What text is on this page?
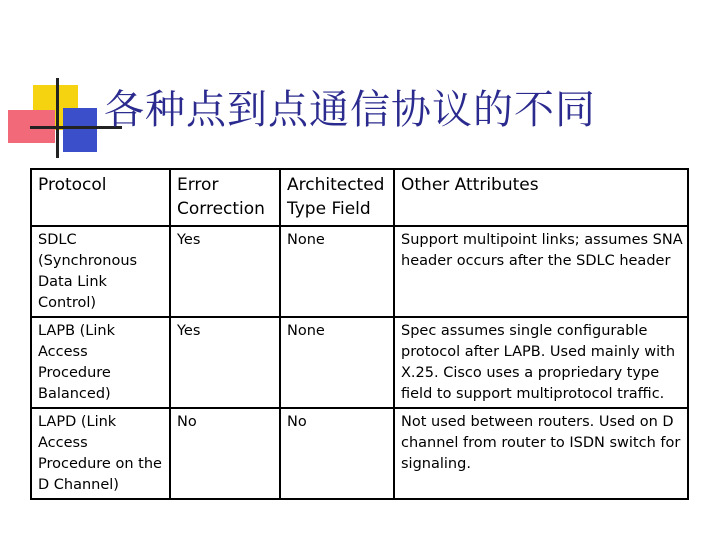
各种点到点通信协议的不同
Protocol	Error Correction	Architected Type Field	Other Attributes
SDLC (Synchronous Data Link Control)	Yes	None	Support multipoint links; assumes SNA header occurs after the SDLC header
LAPB (Link Access Procedure Balanced)	Yes	None	Spec assumes single configurable protocol after LAPB. Used mainly with X.25. Cisco uses a propriedary type field to support multiprotocol traffic.
LAPD (Link Access Procedure on the D Channel)	No	No	Not used between routers. Used on D channel from router to ISDN switch for signaling.
